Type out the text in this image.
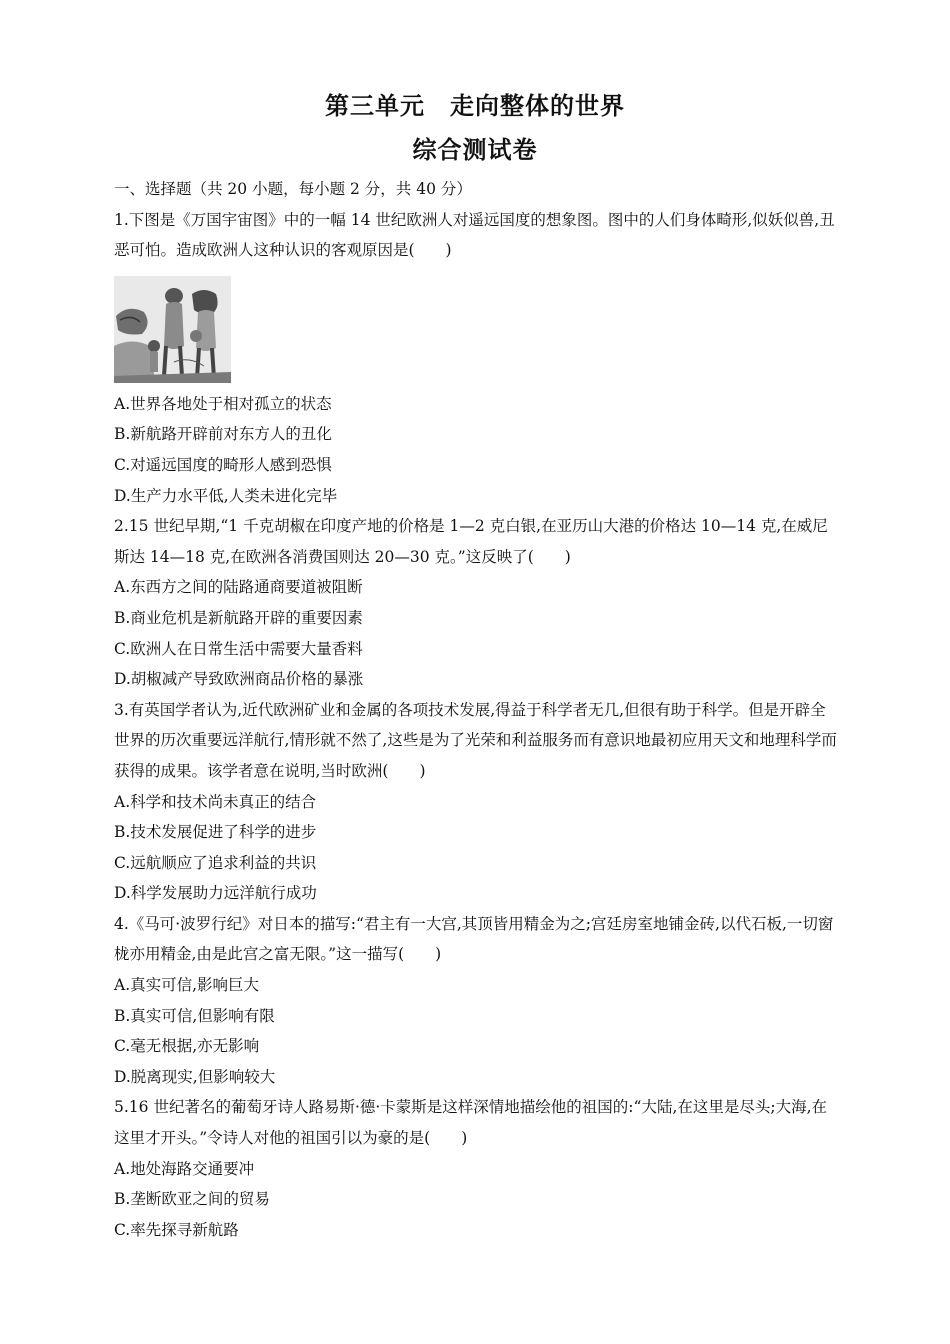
第三单元　走向整体的世界
综合测试卷
一、选择题（共 20 小题，每小题 2 分，共 40 分）
1.下图是《万国宇宙图》中的一幅 14 世纪欧洲人对遥远国度的想象图。图中的人们身体畸形,似妖似兽,丑恶可怕。造成欧洲人这种认识的客观原因是(　　)
A.世界各地处于相对孤立的状态
B.新航路开辟前对东方人的丑化
C.对遥远国度的畸形人感到恐惧
D.生产力水平低,人类未进化完毕
2.15 世纪早期,“1 千克胡椒在印度产地的价格是 1—2 克白银,在亚历山大港的价格达 10—14 克,在威尼斯达 14—18 克,在欧洲各消费国则达 20—30 克。”这反映了(　　)
A.东西方之间的陆路通商要道被阻断
B.商业危机是新航路开辟的重要因素
C.欧洲人在日常生活中需要大量香料
D.胡椒减产导致欧洲商品价格的暴涨
3.有英国学者认为,近代欧洲矿业和金属的各项技术发展,得益于科学者无几,但很有助于科学。但是开辟全世界的历次重要远洋航行,情形就不然了,这些是为了光荣和利益服务而有意识地最初应用天文和地理科学而获得的成果。该学者意在说明,当时欧洲(　　)
A.科学和技术尚未真正的结合
B.技术发展促进了科学的进步
C.远航顺应了追求利益的共识
D.科学发展助力远洋航行成功
4.《马可·波罗行纪》对日本的描写:“君主有一大宫,其顶皆用精金为之;宫廷房室地铺金砖,以代石板,一切窗栊亦用精金,由是此宫之富无限。”这一描写(　　)
A.真实可信,影响巨大
B.真实可信,但影响有限
C.毫无根据,亦无影响
D.脱离现实,但影响较大
5.16 世纪著名的葡萄牙诗人路易斯·德·卡蒙斯是这样深情地描绘他的祖国的:“大陆,在这里是尽头;大海,在这里才开头。”令诗人对他的祖国引以为豪的是(　　)
A.地处海路交通要冲
B.垄断欧亚之间的贸易
C.率先探寻新航路
